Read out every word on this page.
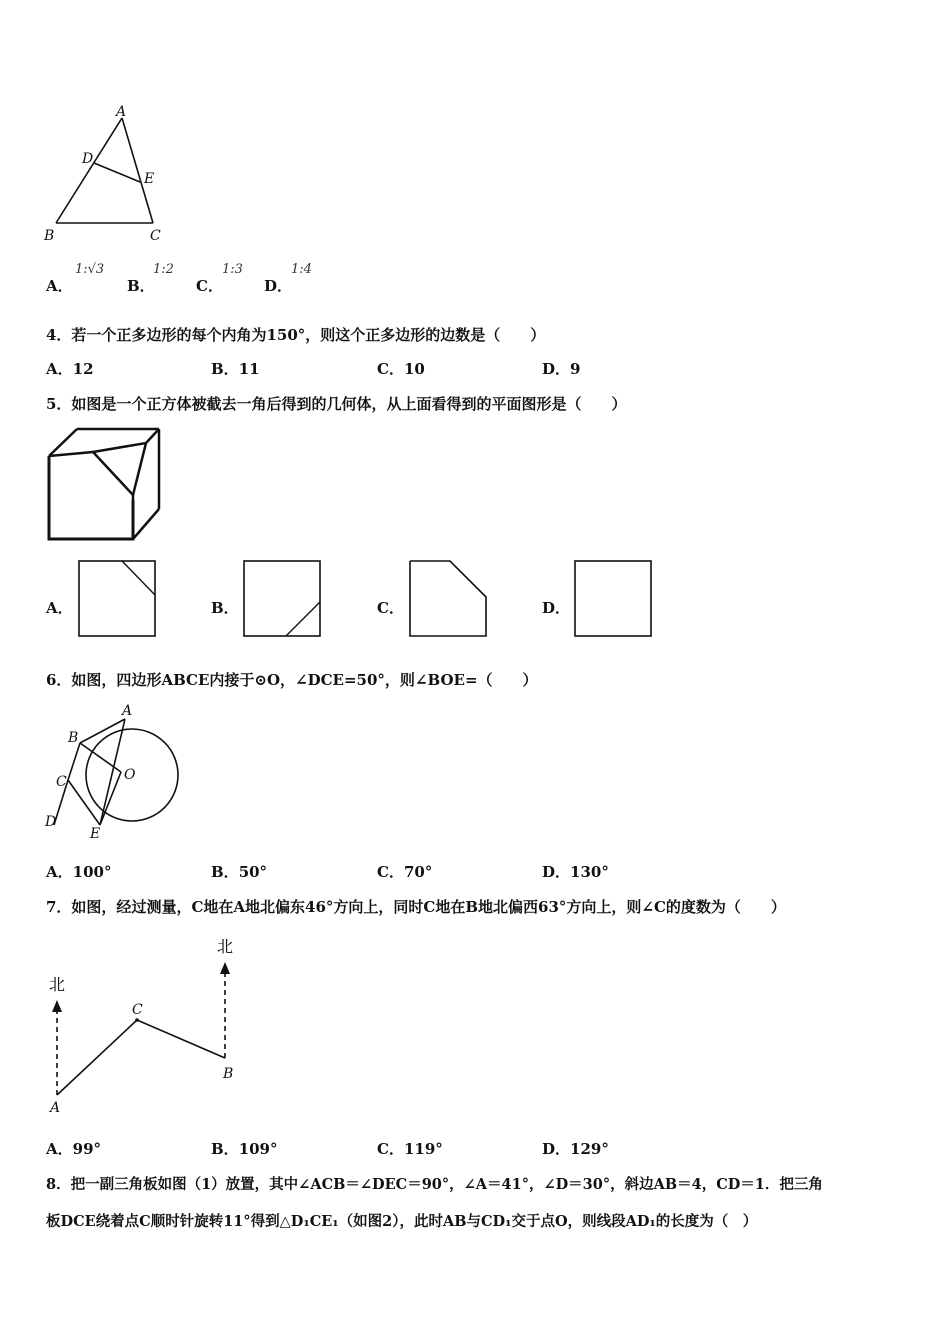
A
D
E
B	C
A．
1:√3
B．
1:2
C．
1:3
D．
1:4
4．若一个正多边形的每个内角为150°，则这个正多边形的边数是（　　）
A．12	B．11	C．10	D．9
5．如图是一个正方体被截去一角后得到的几何体，从上面看得到的平面图形是（　　）
A．	B．	C．	D．
6．如图，四边形ABCE内接于⊙O，∠DCE=50°，则∠BOE=（　　）
A
B
C	O
D
E
A．100°	B．50°	C．70°	D．130°
7．如图，经过测量，C地在A地北偏东46°方向上，同时C地在B地北偏西63°方向上，则∠C的度数为（　　）
北
北
A
C
B
A．99°	B．109°	C．119°	D．129°
8．把一副三角板如图（1）放置，其中∠ACB＝∠DEC＝90°，∠A＝41°，∠D＝30°，斜边AB＝4，CD＝1．把三角
板DCE绕着点C顺时针旋转11°得到△D₁CE₁（如图2），此时AB与CD₁交于点O，则线段AD₁的长度为（　）
